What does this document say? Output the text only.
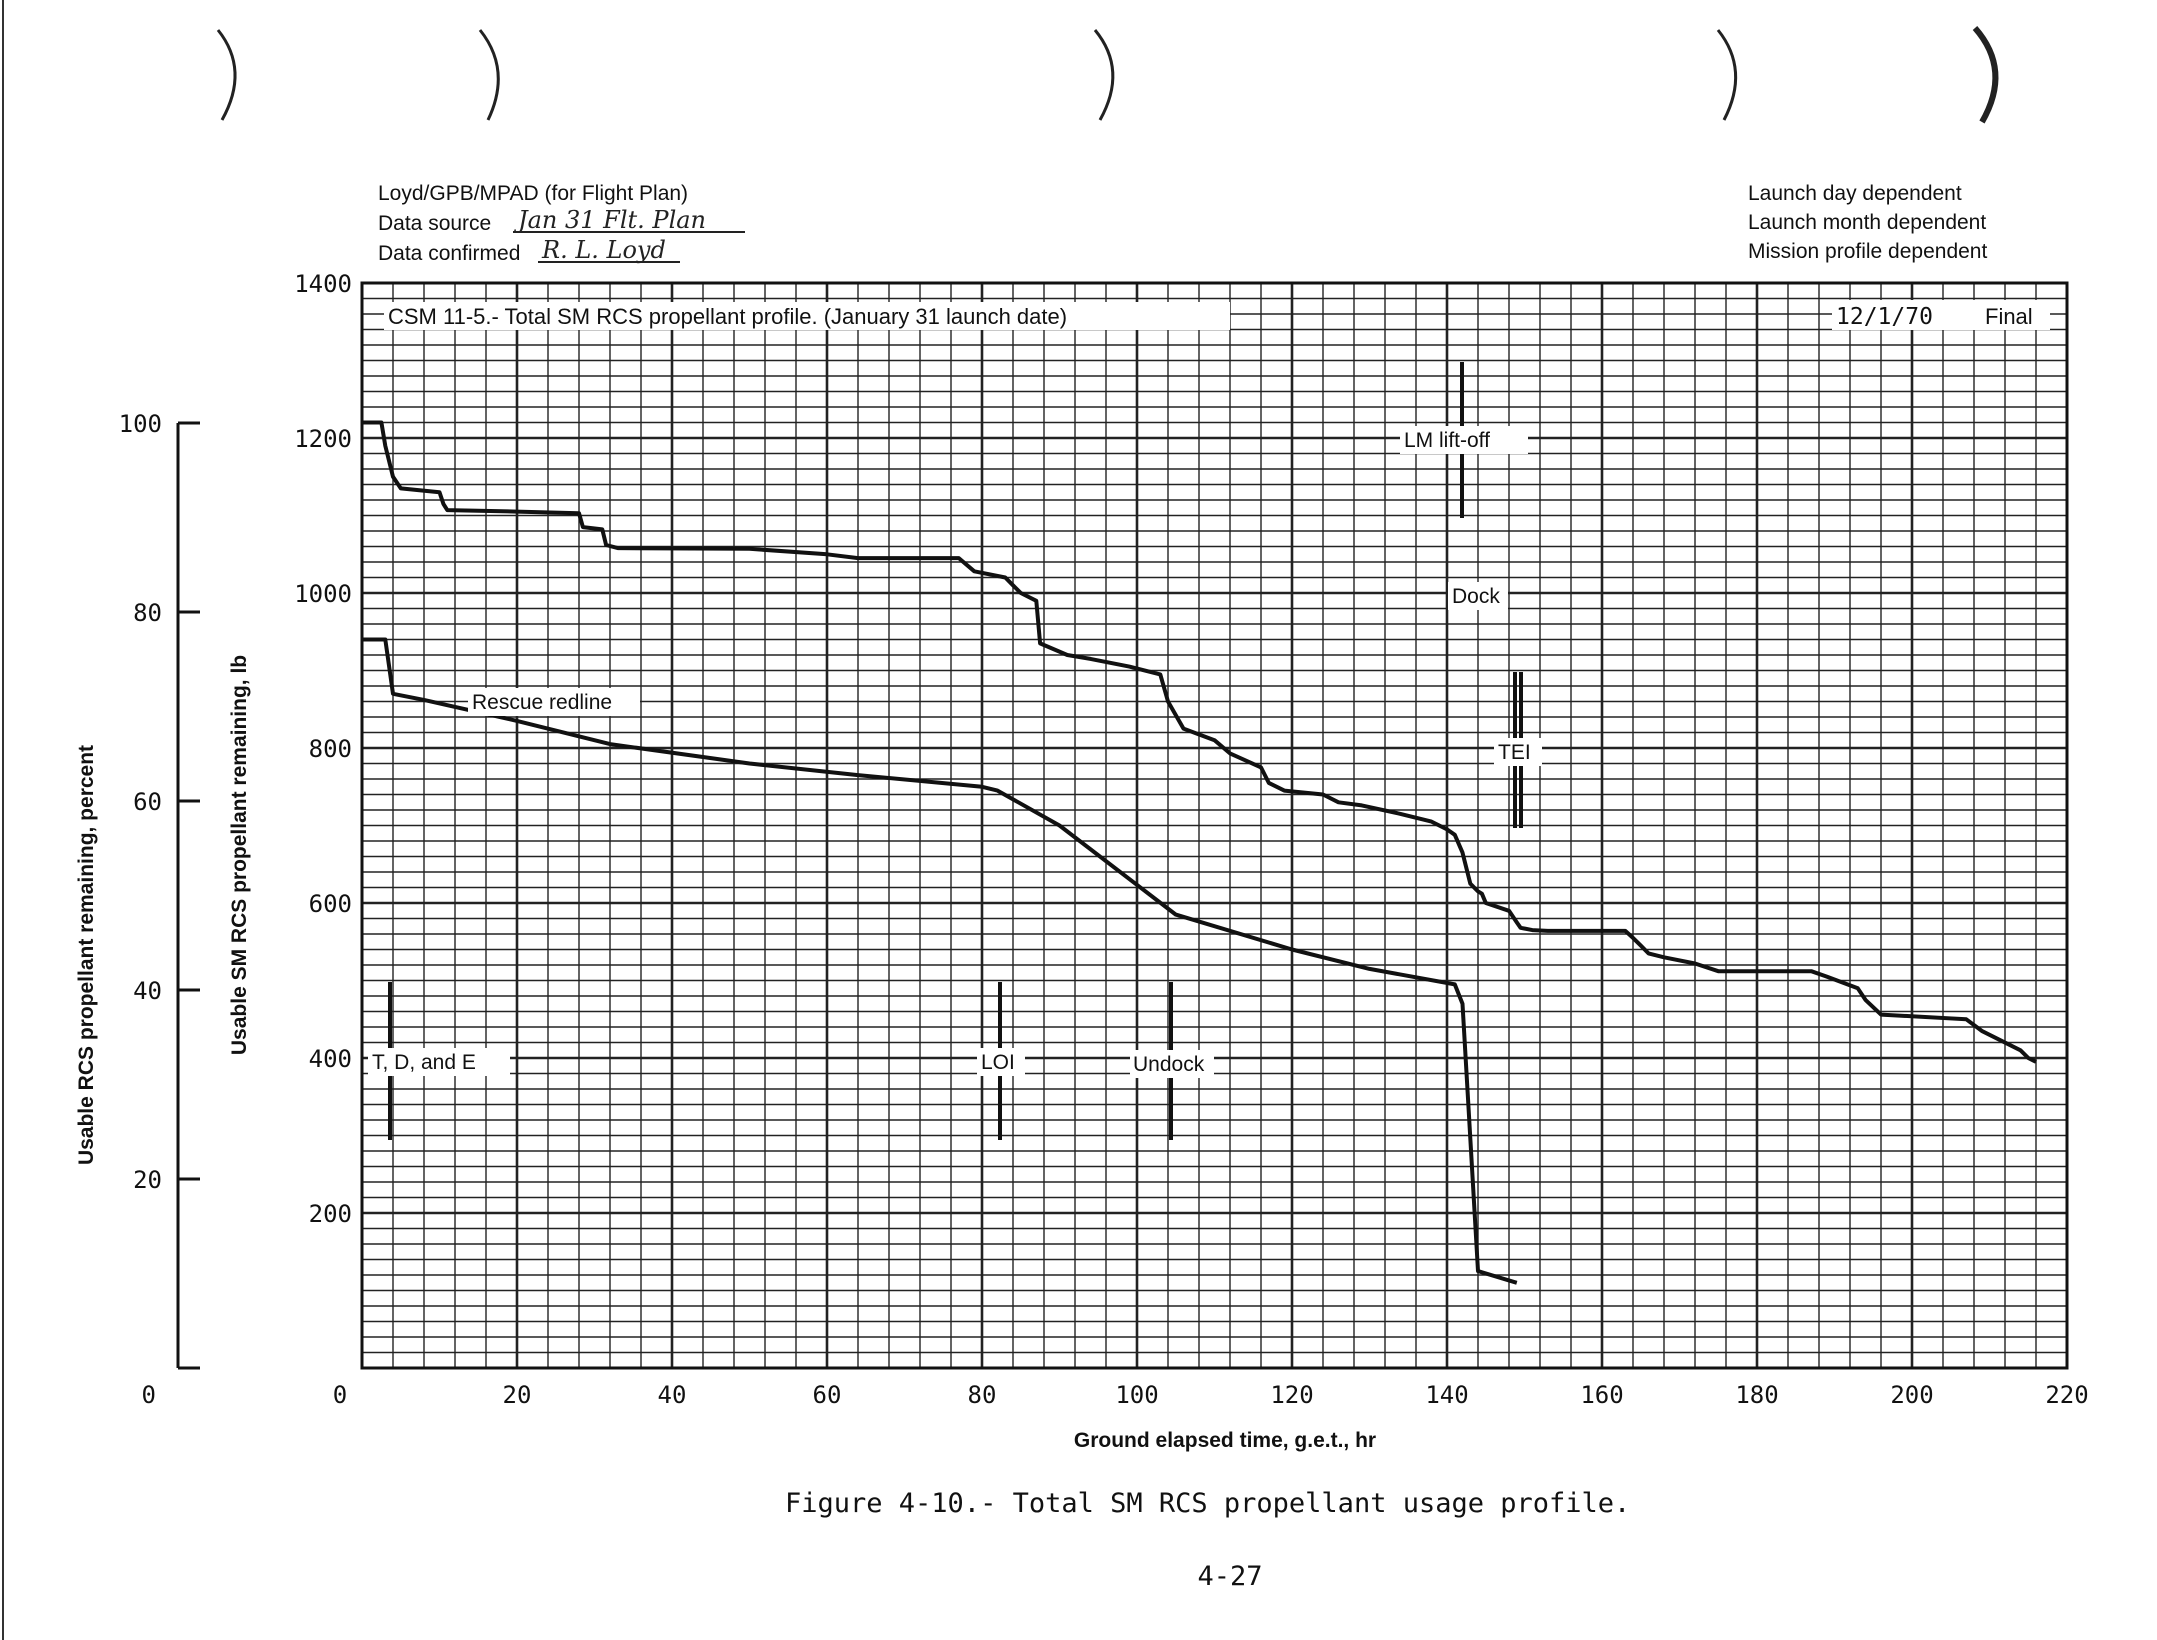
Loyd/GPB/MPAD (for Flight Plan)
Data source Jan 31 Flt. Plan
Data confirmed R. L. Loyd
Launch day dependent
Launch month dependent
Mission profile dependent
0	20	40	60	80	100	120	140	160	180	200	220
200
400
600
800
1000
1200
1400
0
20
40
60
80
100
Usable RCS propellant remaining, percent	Usable SM RCS propellant remaining, lb
Ground elapsed time, g.e.t., hr
CSM 11-5.- Total SM RCS propellant profile. (January 31 launch date)	12/1/70 Final
Rescue redline
T, D, and E	LOI	Undock
LM lift-off
Dock
TEI
Figure 4-10.- Total SM RCS propellant usage profile.
4-27
